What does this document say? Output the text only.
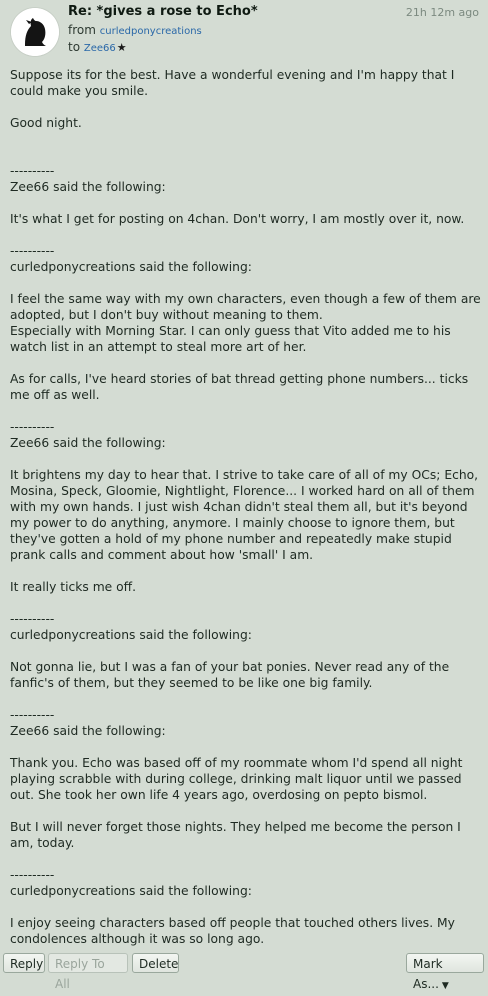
Re: *gives a rose to Echo*	21h 12m ago
from curledponycreations
to Zee66★

Suppose its for the best. Have a wonderful evening and I'm happy that I could make you smile.

Good night.

----------

Zee66 said the following:

It's what I get for posting on 4chan. Don't worry, I am mostly over it, now.

----------

curledponycreations said the following:

I feel the same way with my own characters, even though a few of them are adopted, but I don't buy without meaning to them.

Especially with Morning Star. I can only guess that Vito added me to his watch list in an attempt to steal more art of her.

As for calls, I've heard stories of bat thread getting phone numbers... ticks me off as well.

----------

Zee66 said the following:

It brightens my day to hear that. I strive to take care of all of my OCs; Echo, Mosina, Speck, Gloomie, Nightlight, Florence... I worked hard on all of them with my own hands. I just wish 4chan didn't steal them all, but it's beyond my power to do anything, anymore. I mainly choose to ignore them, but they've gotten a hold of my phone number and repeatedly make stupid prank calls and comment about how 'small' I am.

It really ticks me off.

----------

curledponycreations said the following:

Not gonna lie, but I was a fan of your bat ponies. Never read any of the fanfic's of them, but they seemed to be like one big family.

----------

Zee66 said the following:

Thank you. Echo was based off of my roommate whom I'd spend all night playing scrabble with during college, drinking malt liquor until we passed out. She took her own life 4 years ago, overdosing on pepto bismol.

But I will never forget those nights. They helped me become the person I am, today.

----------

curledponycreations said the following:

I enjoy seeing characters based off people that touched others lives. My condolences although it was so long ago.

Reply Reply To All
Delete	Mark As... ▼
